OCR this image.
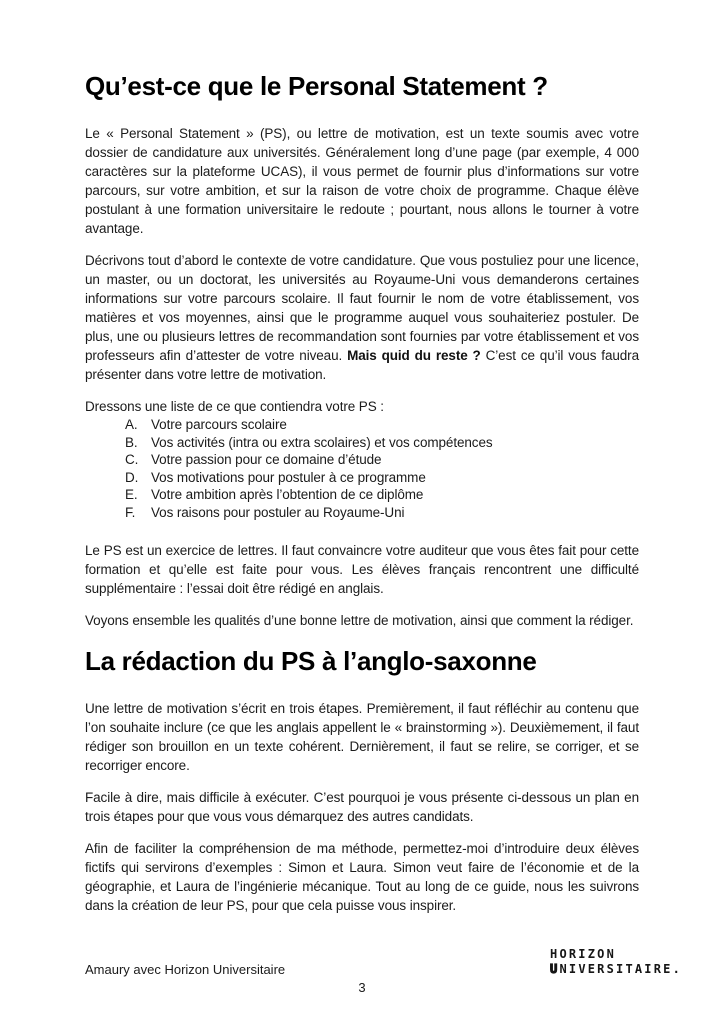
Qu’est-ce que le Personal Statement ?

Le « Personal Statement » (PS), ou lettre de motivation, est un texte soumis avec votre dossier de candidature aux universités. Généralement long d’une page (par exemple, 4 000 caractères sur la plateforme UCAS), il vous permet de fournir plus d’informations sur votre parcours, sur votre ambition, et sur la raison de votre choix de programme. Chaque élève postulant à une formation universitaire le redoute ; pourtant, nous allons le tourner à votre avantage.

Décrivons tout d’abord le contexte de votre candidature. Que vous postuliez pour une licence, un master, ou un doctorat, les universités au Royaume-Uni vous demanderons certaines informations sur votre parcours scolaire. Il faut fournir le nom de votre établissement, vos matières et vos moyennes, ainsi que le programme auquel vous souhaiteriez postuler. De plus, une ou plusieurs lettres de recommandation sont fournies par votre établissement et vos professeurs afin d’attester de votre niveau. Mais quid du reste ? C’est ce qu’il vous faudra présenter dans votre lettre de motivation.

Dressons une liste de ce que contiendra votre PS :

A. Votre parcours scolaire
B. Vos activités (intra ou extra scolaires) et vos compétences
C. Votre passion pour ce domaine d’étude
D. Vos motivations pour postuler à ce programme
E. Votre ambition après l’obtention de ce diplôme
F.	Vos raisons pour postuler au Royaume-Uni

Le PS est un exercice de lettres. Il faut convaincre votre auditeur que vous êtes fait pour cette formation et qu’elle est faite pour vous. Les élèves français rencontrent une difficulté supplémentaire : l’essai doit être rédigé en anglais.

Voyons ensemble les qualités d’une bonne lettre de motivation, ainsi que comment la rédiger.

La rédaction du PS à l’anglo-saxonne

Une lettre de motivation s’écrit en trois étapes. Premièrement, il faut réfléchir au contenu que l’on souhaite inclure (ce que les anglais appellent le « brainstorming »). Deuxièmement, il faut rédiger son brouillon en un texte cohérent. Dernièrement, il faut se relire, se corriger, et se recorriger encore.

Facile à dire, mais difficile à exécuter. C’est pourquoi je vous présente ci-dessous un plan en trois étapes pour que vous vous démarquez des autres candidats.

Afin de faciliter la compréhension de ma méthode, permettez-moi d’introduire deux élèves fictifs qui servirons d’exemples : Simon et Laura. Simon veut faire de l’économie et de la géographie, et Laura de l’ingénierie mécanique. Tout au long de ce guide, nous les suivrons dans la création de leur PS, pour que cela puisse vous inspirer.

Amaury avec Horizon Universitaire
3
HORIZON
UNIVERSITAIRE.
